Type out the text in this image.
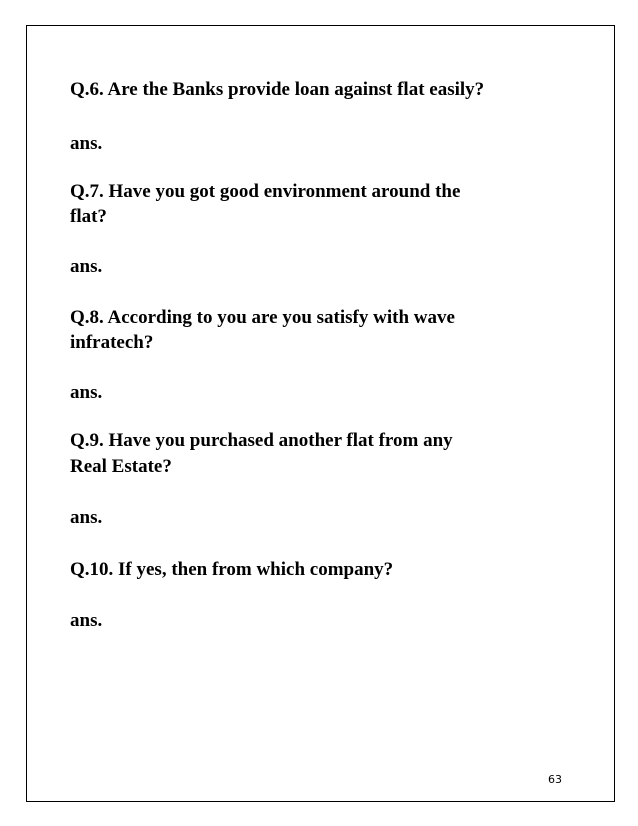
Q.6. Are the Banks provide loan against flat easily?

ans.

Q.7. Have you got good environment around the

flat?

ans.

Q.8. According to you are you satisfy with wave

infratech?

ans.

Q.9. Have you purchased another flat from any

Real Estate?

ans.

Q.10. If yes, then from which company?

ans.

63
